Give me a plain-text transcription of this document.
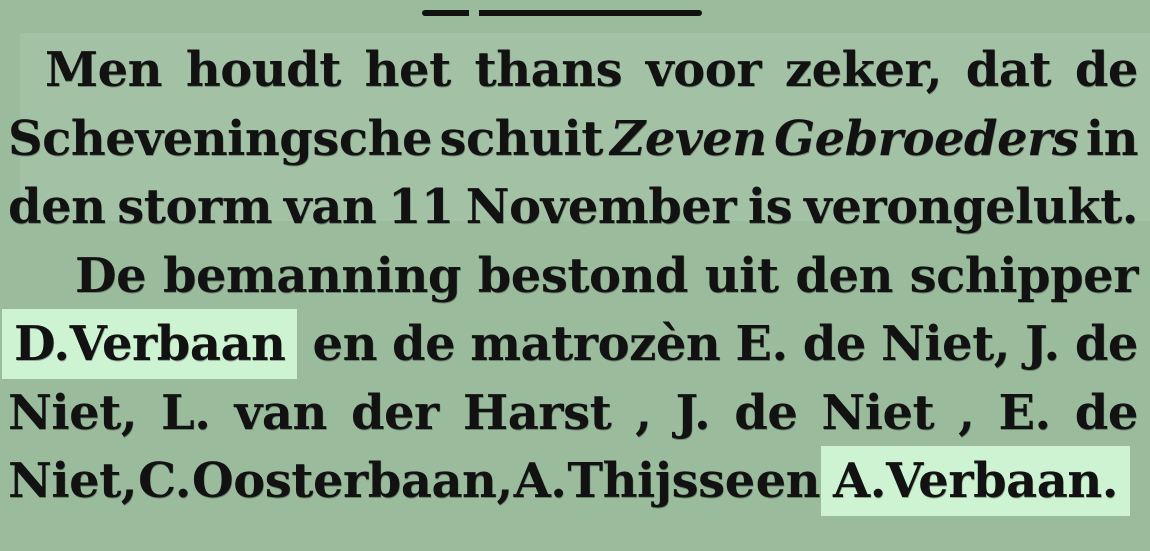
Men houdt het thans voor zeker, dat de
Scheveningsche schuit Zeven Gebroeders in
den storm van 11 November is verongelukt.
De bemanning bestond uit den schipper
D.Verbaan en de matrozèn E. de Niet, J. de
Niet, L. van der Harst , J. de Niet , E. de
Niet, C. Oosterbaan, A. Thijsse en A.Verbaan.
